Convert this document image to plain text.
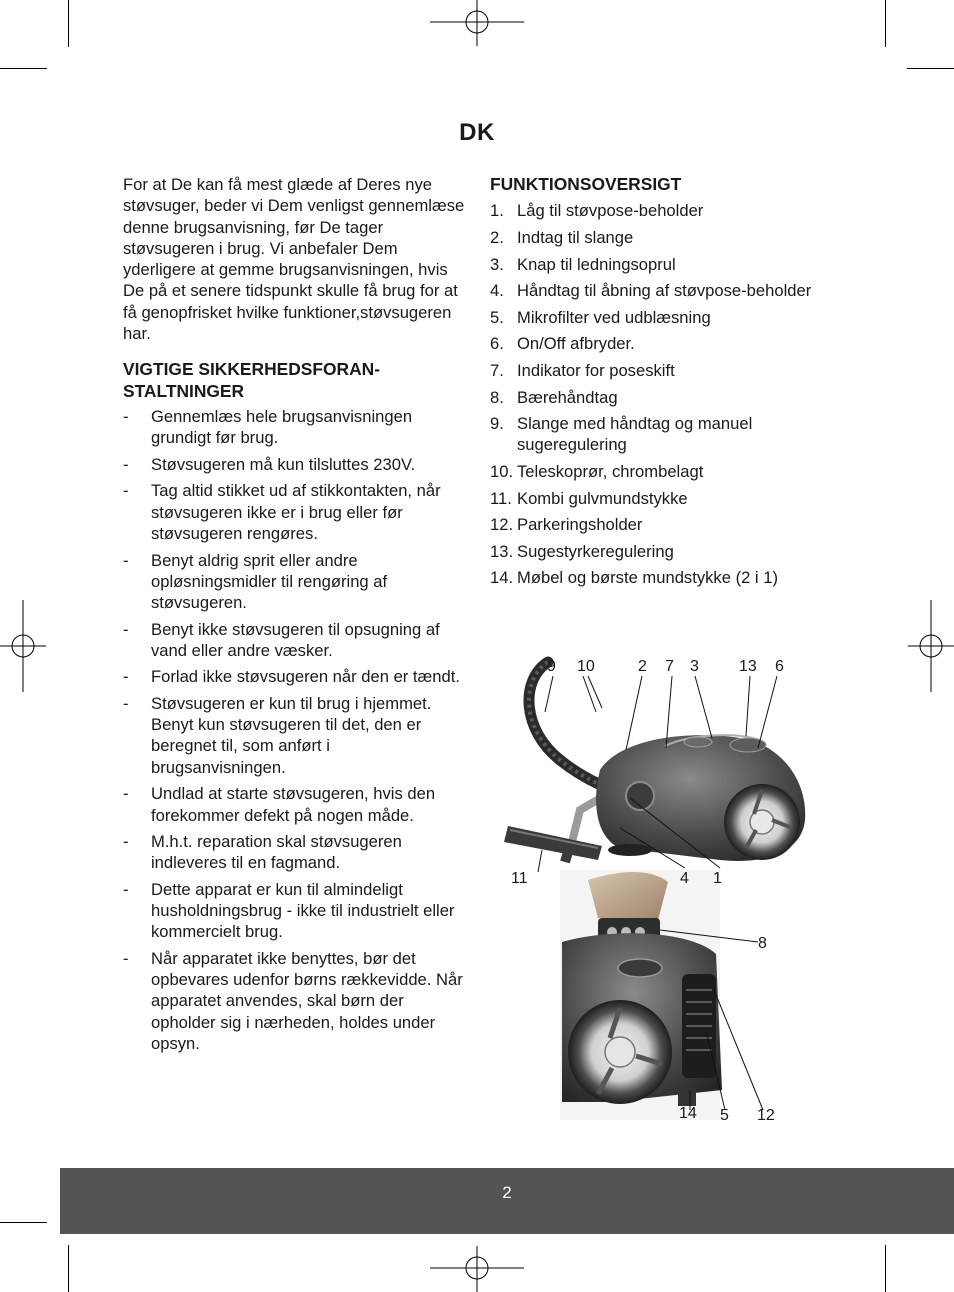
DK

For at De kan få mest glæde af Deres nye støvsuger, beder vi Dem venligst gennemlæse denne brugsanvisning, før De tager støvsugeren i brug. Vi anbefaler Dem yderligere at gemme brugsanvisningen, hvis De på et senere tidspunkt skulle få brug for at få genopfrisket hvilke funktioner,støvsugeren har.

VIGTIGE SIKKERHEDSFORAN-
STALTNINGER
- Gennemlæs hele brugsanvisningen grundigt før brug.
- Støvsugeren må kun tilsluttes 230V.
- Tag altid stikket ud af stikkontakten, når støvsugeren ikke er i brug eller før støvsugeren rengøres.
- Benyt aldrig sprit eller andre opløsningsmidler til rengøring af støvsugeren.
- Benyt ikke støvsugeren til opsugning af vand eller andre væsker.
- Forlad ikke støvsugeren når den er tændt.
- Støvsugeren er kun til brug i hjemmet. Benyt kun støvsugeren til det, den er beregnet til, som anført i brugsanvisningen.
- Undlad at starte støvsugeren, hvis den forekommer defekt på nogen måde.
- M.h.t. reparation skal støvsugeren indleveres til en fagmand.
- Dette apparat er kun til almindeligt husholdningsbrug - ikke til industrielt eller kommercielt brug.
- Når apparatet ikke benyttes, bør det opbevares udenfor børns rækkevidde. Når apparatet anvendes, skal børn der opholder sig i nærheden, holdes under opsyn.
FUNKTIONSOVERSIGT
1. Låg til støvpose-beholder
2. Indtag til slange
3. Knap til ledningsoprul
4. Håndtag til åbning af støvpose-beholder
5. Mikrofilter ved udblæsning
6. On/Off afbryder.
7. Indikator for poseskift
8. Bærehåndtag
9. Slange med håndtag og manuel sugeregulering
10. Teleskoprør, chrombelagt
11. Kombi gulvmundstykke
12. Parkeringsholder
13. Sugestyrkeregulering
14. Møbel og børste mundstykke (2 i 1)
9 10	2 7 3	13 6
11	4 1
8
14 5 12
2
